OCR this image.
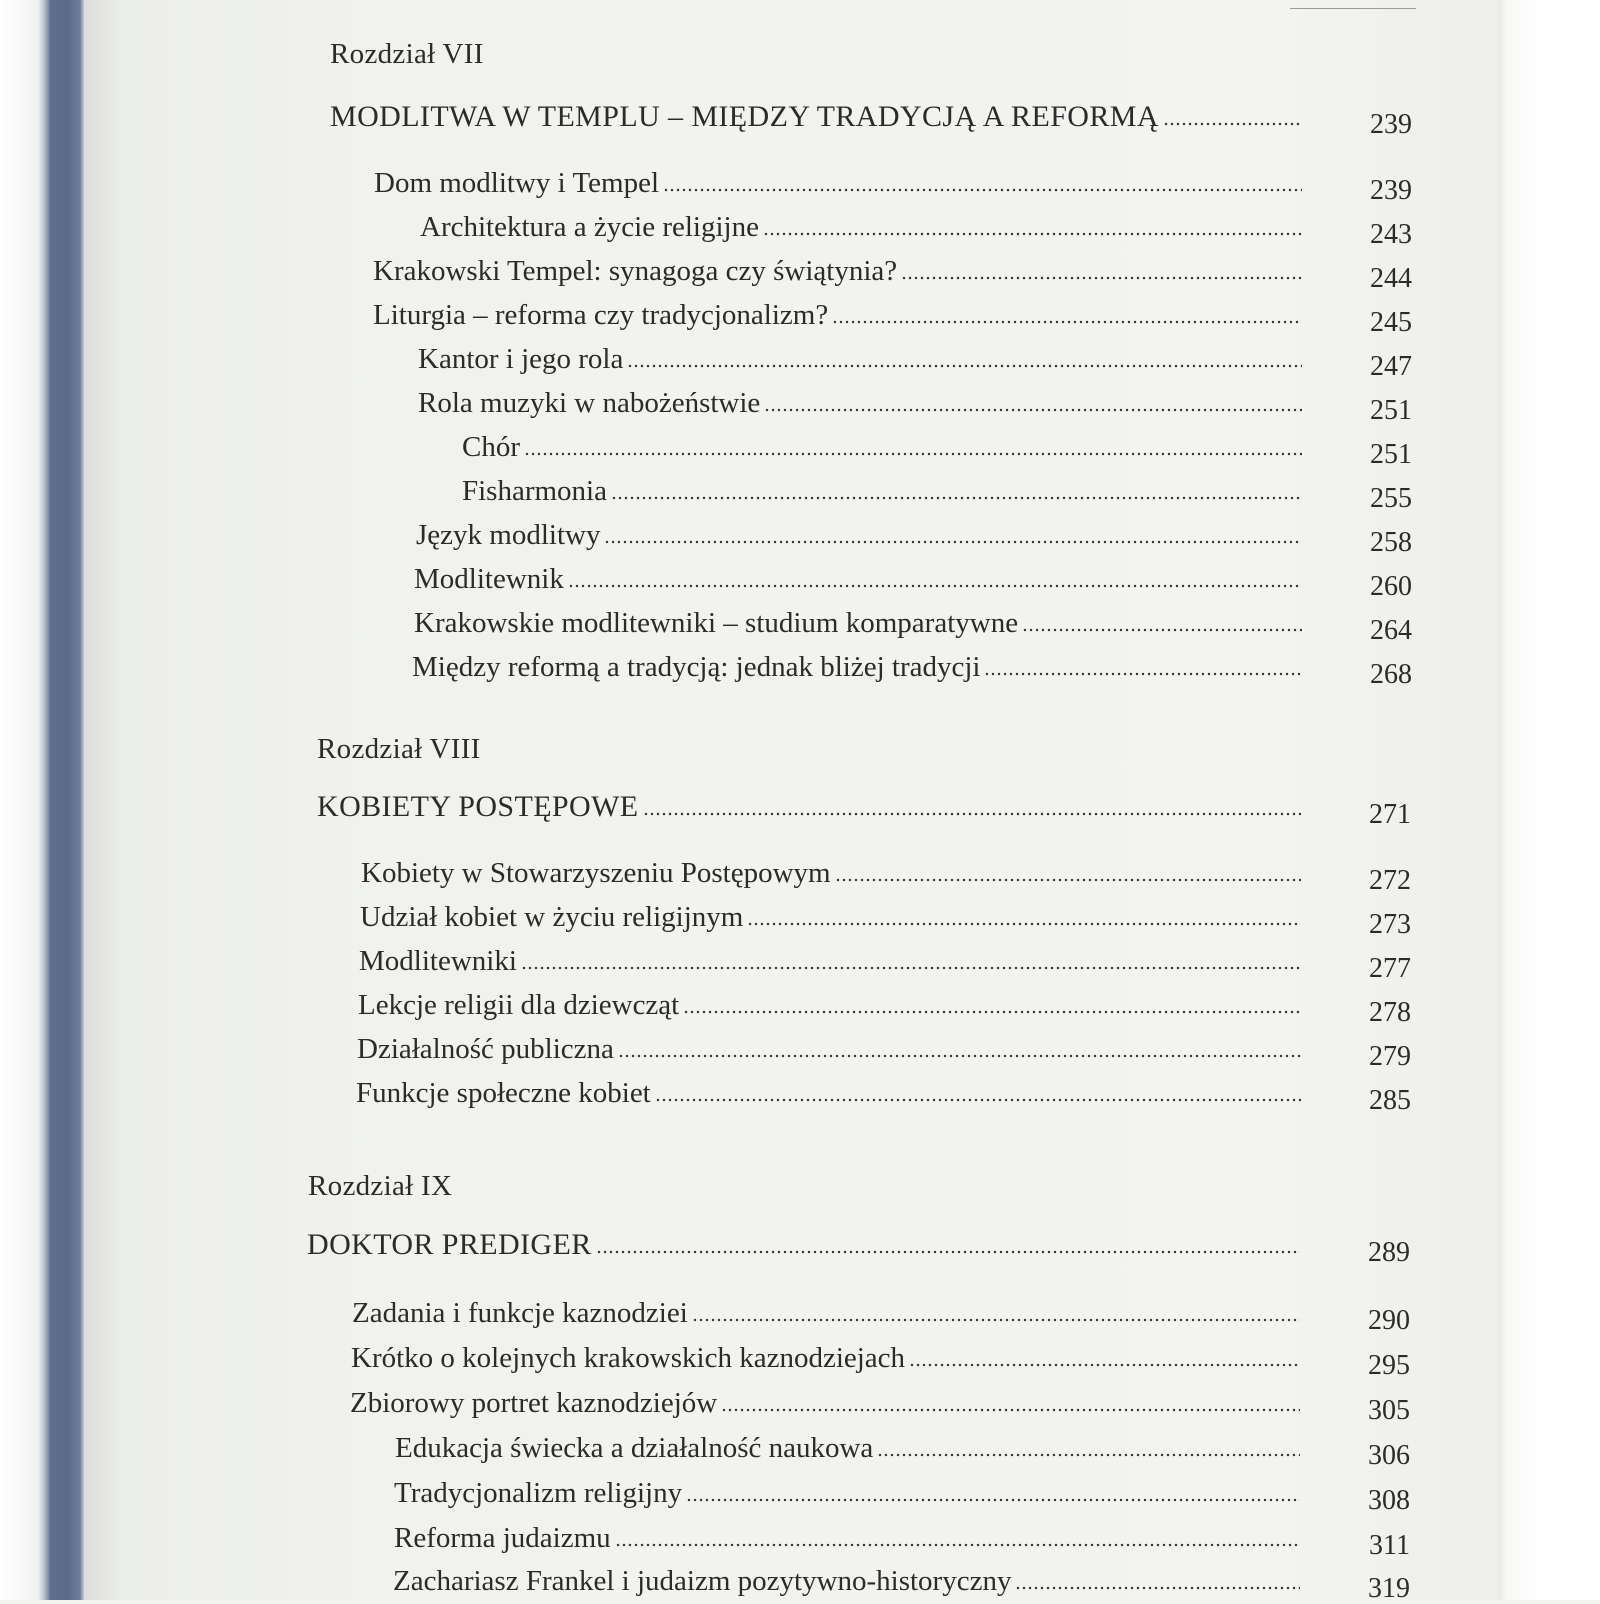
Rozdział VII
MODLITWA W TEMPLU – MIĘDZY TRADYCJĄ A REFORMĄ	239
Dom modlitwy i Tempel	239
Architektura a życie religijne	243
Krakowski Tempel: synagoga czy świątynia?	244
Liturgia – reforma czy tradycjonalizm?	245
Kantor i jego rola	247
Rola muzyki w nabożeństwie	251
Chór	251
Fisharmonia	255
Język modlitwy	258
Modlitewnik	260
Krakowskie modlitewniki – studium komparatywne	264
Między reformą a tradycją: jednak bliżej tradycji	268
Rozdział VIII
KOBIETY POSTĘPOWE	271
Kobiety w Stowarzyszeniu Postępowym	272
Udział kobiet w życiu religijnym	273
Modlitewniki	277
Lekcje religii dla dziewcząt	278
Działalność publiczna	279
Funkcje społeczne kobiet	285
Rozdział IX
DOKTOR PREDIGER	289
Zadania i funkcje kaznodziei	290
Krótko o kolejnych krakowskich kaznodziejach	295
Zbiorowy portret kaznodziejów	305
Edukacja świecka a działalność naukowa	306
Tradycjonalizm religijny	308
Reforma judaizmu	311
Zachariasz Frankel i judaizm pozytywno-historyczny	319
